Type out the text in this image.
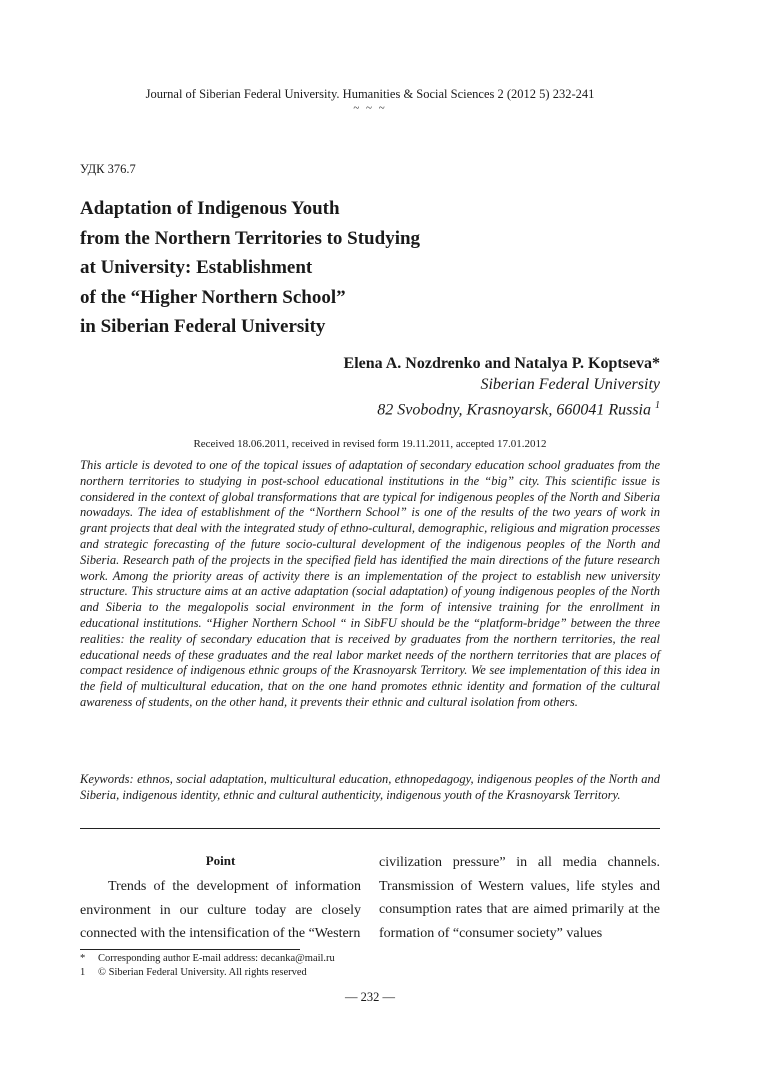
Journal of Siberian Federal University. Humanities & Social Sciences 2 (2012 5) 232-241
~ ~ ~
УДК 376.7
Adaptation of Indigenous Youth
from the Northern Territories to Studying
at University: Establishment
of the “Higher Northern School”
in Siberian Federal University
Elena A. Nozdrenko and Natalya P. Koptseva*
Siberian Federal University
82 Svobodny, Krasnoyarsk, 660041 Russia $^1$
Received 18.06.2011, received in revised form 19.11.2011, accepted 17.01.2012

This article is devoted to one of the topical issues of adaptation of secondary education school graduates from the northern territories to studying in post-school educational institutions in the “big” city. This scientific issue is considered in the context of global transformations that are typical for indigenous peoples of the North and Siberia nowadays. The idea of establishment of the “Northern School” is one of the results of the two years of work in grant projects that deal with the integrated study of ethno-cultural, demographic, religious and migration processes and strategic forecasting of the future socio-cultural development of the indigenous peoples of the North and Siberia. Research path of the projects in the specified field has identified the main directions of the future research work. Among the priority areas of activity there is an implementation of the project to establish new university structure. This structure aims at an active adaptation (social adaptation) of young indigenous peoples of the North and Siberia to the megalopolis social environment in the form of intensive training for the enrollment in educational institutions. “Higher Northern School “ in SibFU should be the “platform-bridge” between the three realities: the reality of secondary education that is received by graduates from the northern territories, the real educational needs of these graduates and the real labor market needs of the northern territories that are places of compact residence of indigenous ethnic groups of the Krasnoyarsk Territory. We see implementation of this idea in the field of multicultural education, that on the one hand promotes ethnic identity and formation of the cultural awareness of students, on the other hand, it prevents their ethnic and cultural isolation from others.

Keywords: ethnos, social adaptation, multicultural education, ethnopedagogy, indigenous peoples of the North and Siberia, indigenous identity, ethnic and cultural authenticity, indigenous youth of the Krasnoyarsk Territory.

Point

Trends of the development of information environment in our culture today are closely connected with the intensification of the “Western

civilization pressure” in all media channels. Transmission of Western values, life styles and consumption rates that are aimed primarily at the formation of “consumer society” values

*	Corresponding author E-mail address: decanka@mail.ru
1	© Siberian Federal University. All rights reserved
— 232 —
